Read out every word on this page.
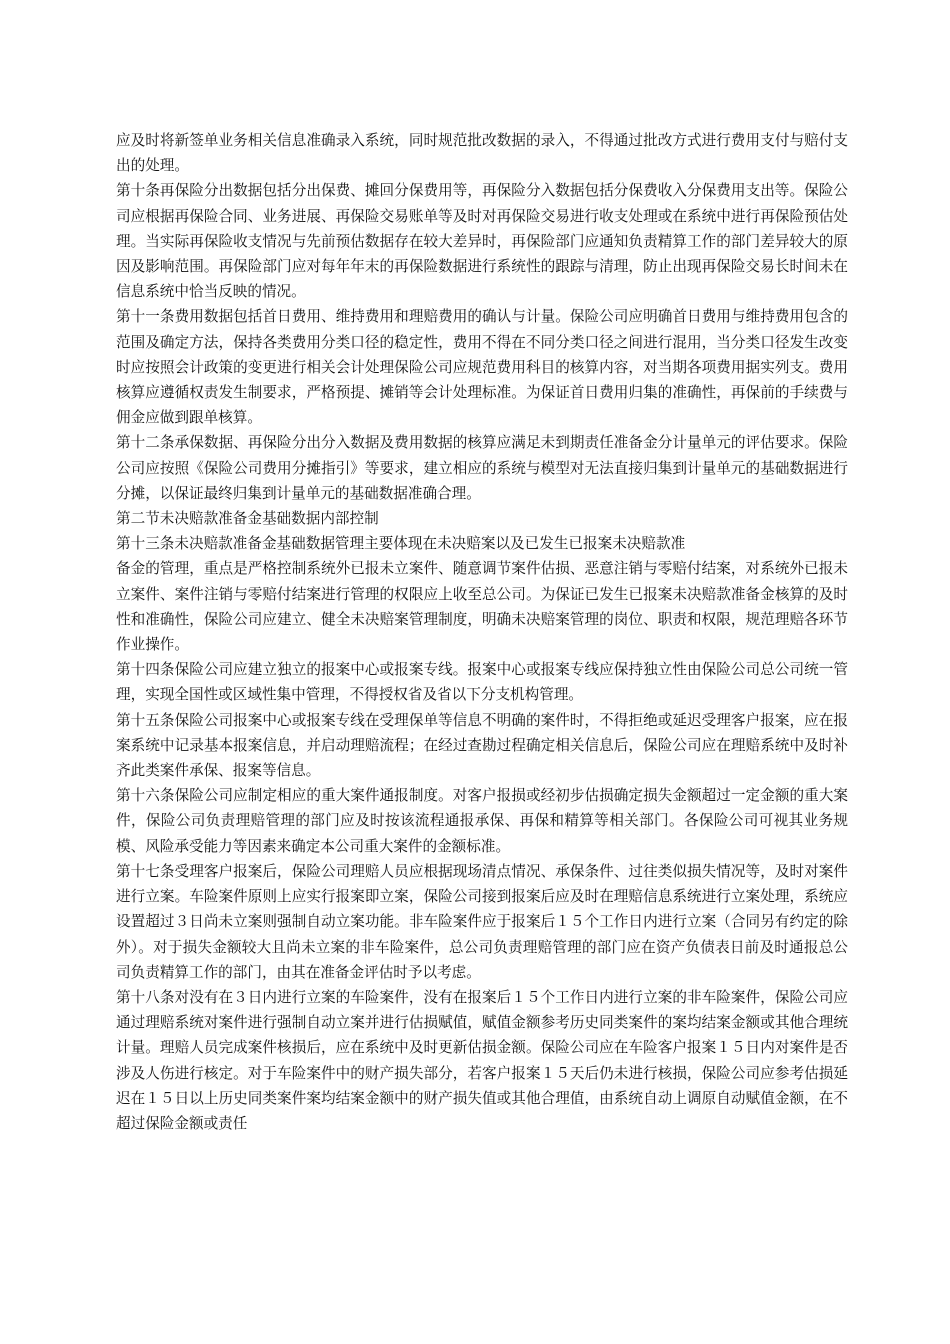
应及时将新签单业务相关信息准确录入系统，同时规范批改数据的录入，不得通过批改方式进行费用支付与赔付支出的处理。

第十条再保险分出数据包括分出保费、摊回分保费用等，再保险分入数据包括分保费收入分保费用支出等。保险公司应根据再保险合同、业务进展、再保险交易账单等及时对再保险交易进行收支处理或在系统中进行再保险预估处理。当实际再保险收支情况与先前预估数据存在较大差异时，再保险部门应通知负责精算工作的部门差异较大的原因及影响范围。再保险部门应对每年年末的再保险数据进行系统性的跟踪与清理，防止出现再保险交易长时间未在信息系统中恰当反映的情况。

第十一条费用数据包括首日费用、维持费用和理赔费用的确认与计量。保险公司应明确首日费用与维持费用包含的范围及确定方法，保持各类费用分类口径的稳定性，费用不得在不同分类口径之间进行混用，当分类口径发生改变时应按照会计政策的变更进行相关会计处理保险公司应规范费用科目的核算内容，对当期各项费用据实列支。费用核算应遵循权责发生制要求，严格预提、摊销等会计处理标准。为保证首日费用归集的准确性，再保前的手续费与佣金应做到跟单核算。

第十二条承保数据、再保险分出分入数据及费用数据的核算应满足未到期责任准备金分计量单元的评估要求。保险公司应按照《保险公司费用分摊指引》等要求，建立相应的系统与模型对无法直接归集到计量单元的基础数据进行分摊，以保证最终归集到计量单元的基础数据准确合理。

第二节未决赔款准备金基础数据内部控制

第十三条未决赔款准备金基础数据管理主要体现在未决赔案以及已发生已报案未决赔款准

备金的管理，重点是严格控制系统外已报未立案件、随意调节案件估损、恶意注销与零赔付结案，对系统外已报未立案件、案件注销与零赔付结案进行管理的权限应上收至总公司。为保证已发生已报案未决赔款准备金核算的及时性和准确性，保险公司应建立、健全未决赔案管理制度，明确未决赔案管理的岗位、职责和权限，规范理赔各环节作业操作。

第十四条保险公司应建立独立的报案中心或报案专线。报案中心或报案专线应保持独立性由保险公司总公司统一管理，实现全国性或区域性集中管理，不得授权省及省以下分支机构管理。

第十五条保险公司报案中心或报案专线在受理保单等信息不明确的案件时，不得拒绝或延迟受理客户报案，应在报案系统中记录基本报案信息，并启动理赔流程；在经过查勘过程确定相关信息后，保险公司应在理赔系统中及时补齐此类案件承保、报案等信息。

第十六条保险公司应制定相应的重大案件通报制度。对客户报损或经初步估损确定损失金额超过一定金额的重大案件，保险公司负责理赔管理的部门应及时按该流程通报承保、再保和精算等相关部门。各保险公司可视其业务规模、风险承受能力等因素来确定本公司重大案件的金额标准。

第十七条受理客户报案后，保险公司理赔人员应根据现场清点情况、承保条件、过往类似损失情况等，及时对案件进行立案。车险案件原则上应实行报案即立案，保险公司接到报案后应及时在理赔信息系统进行立案处理，系统应设置超过３日尚未立案则强制自动立案功能。非车险案件应于报案后１５个工作日内进行立案（合同另有约定的除外）。对于损失金额较大且尚未立案的非车险案件，总公司负责理赔管理的部门应在资产负债表日前及时通报总公司负责精算工作的部门，由其在准备金评估时予以考虑。

第十八条对没有在３日内进行立案的车险案件，没有在报案后１５个工作日内进行立案的非车险案件，保险公司应通过理赔系统对案件进行强制自动立案并进行估损赋值，赋值金额参考历史同类案件的案均结案金额或其他合理统计量。理赔人员完成案件核损后，应在系统中及时更新估损金额。保险公司应在车险客户报案１５日内对案件是否涉及人伤进行核定。对于车险案件中的财产损失部分，若客户报案１５天后仍未进行核损，保险公司应参考估损延迟在１５日以上历史同类案件案均结案金额中的财产损失值或其他合理值，由系统自动上调原自动赋值金额，在不超过保险金额或责任
